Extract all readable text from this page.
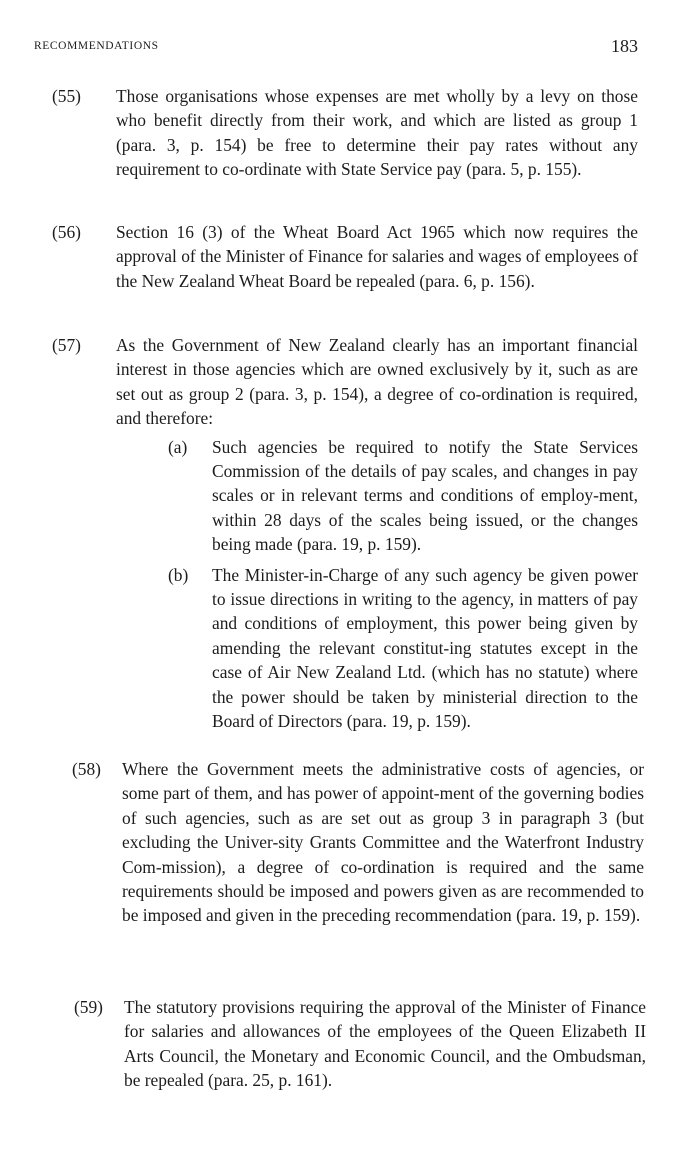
RECOMMENDATIONS	183
(55)	Those organisations whose expenses are met wholly by a levy on those who benefit directly from their work, and which are listed as group 1 (para. 3, p. 154) be free to determine their pay rates without any requirement to co-ordinate with State Service pay (para. 5, p. 155).

(56)	Section 16 (3) of the Wheat Board Act 1965 which now requires the approval of the Minister of Finance for salaries and wages of employees of the New Zealand Wheat Board be repealed (para. 6, p. 156).

(57)	As the Government of New Zealand clearly has an important financial interest in those agencies which are owned exclusively by it, such as are set out as group 2 (para. 3, p. 154), a degree of co-ordination is required, and therefore:

(a) Such agencies be required to notify the State Services Commission of the details of pay scales, and changes in pay scales or in relevant terms and conditions of employ-ment, within 28 days of the scales being issued, or the changes being made (para. 19, p. 159).

(b) The Minister-in-Charge of any such agency be given power to issue directions in writing to the agency, in matters of pay and conditions of employment, this power being given by amending the relevant constitut-ing statutes except in the case of Air New Zealand Ltd. (which has no statute) where the power should be taken by ministerial direction to the Board of Directors (para. 19, p. 159).

(58)	Where the Government meets the administrative costs of agencies, or some part of them, and has power of appoint-ment of the governing bodies of such agencies, such as are set out as group 3 in paragraph 3 (but excluding the Univer-sity Grants Committee and the Waterfront Industry Com-mission), a degree of co-ordination is required and the same requirements should be imposed and powers given as are recommended to be imposed and given in the preceding recommendation (para. 19, p. 159).

(59)	The statutory provisions requiring the approval of the Minister of Finance for salaries and allowances of the employees of the Queen Elizabeth II Arts Council, the Monetary and Economic Council, and the Ombudsman, be repealed (para. 25, p. 161).
